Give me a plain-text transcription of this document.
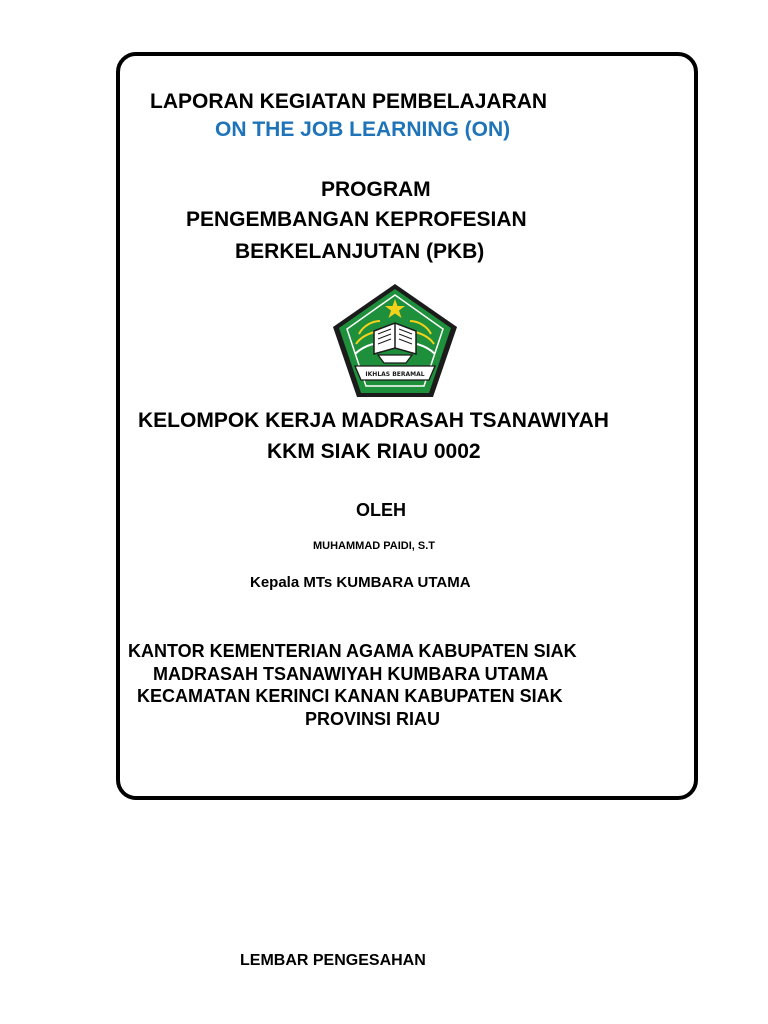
LAPORAN KEGIATAN PEMBELAJARAN
ON THE JOB LEARNING (ON)
PROGRAM
PENGEMBANGAN KEPROFESIAN
BERKELANJUTAN (PKB)
IKHLAS BERAMAL
KELOMPOK KERJA MADRASAH TSANAWIYAH
KKM SIAK RIAU 0002
OLEH
MUHAMMAD PAIDI, S.T
Kepala MTs KUMBARA UTAMA
KANTOR KEMENTERIAN AGAMA KABUPATEN SIAK
MADRASAH TSANAWIYAH KUMBARA UTAMA
KECAMATAN KERINCI KANAN KABUPATEN SIAK
PROVINSI RIAU
LEMBAR PENGESAHAN
